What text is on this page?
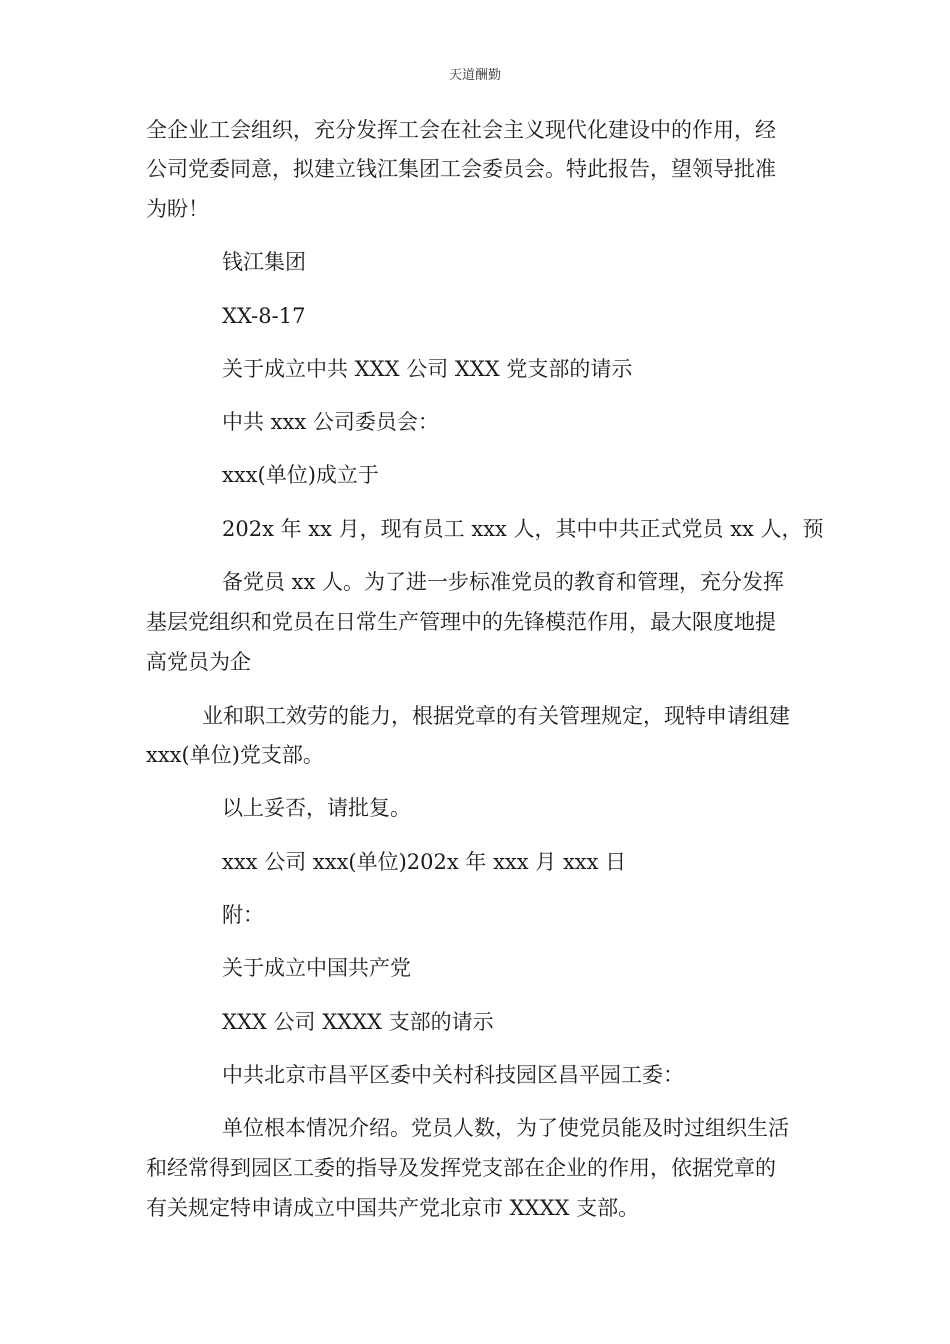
天道酬勤
全企业工会组织，充分发挥工会在社会主义现代化建设中的作用，经
公司党委同意，拟建立钱江集团工会委员会。特此报告，望领导批准
为盼！
钱江集团
XX-8-17
关于成立中共 XXX 公司 XXX 党支部的请示
中共 xxx 公司委员会：
xxx(单位)成立于
202x 年 xx 月，现有员工 xxx 人，其中中共正式党员 xx 人，预
备党员 xx 人。为了进一步标准党员的教育和管理，充分发挥
基层党组织和党员在日常生产管理中的先锋模范作用，最大限度地提
高党员为企
业和职工效劳的能力，根据党章的有关管理规定，现特申请组建
xxx(单位)党支部。
以上妥否，请批复。
xxx 公司 xxx(单位)202x 年 xxx 月 xxx 日
附：
关于成立中国共产党
XXX 公司 XXXX 支部的请示
中共北京市昌平区委中关村科技园区昌平园工委：
单位根本情况介绍。党员人数，为了使党员能及时过组织生活
和经常得到园区工委的指导及发挥党支部在企业的作用，依据党章的
有关规定特申请成立中国共产党北京市 XXXX 支部。
